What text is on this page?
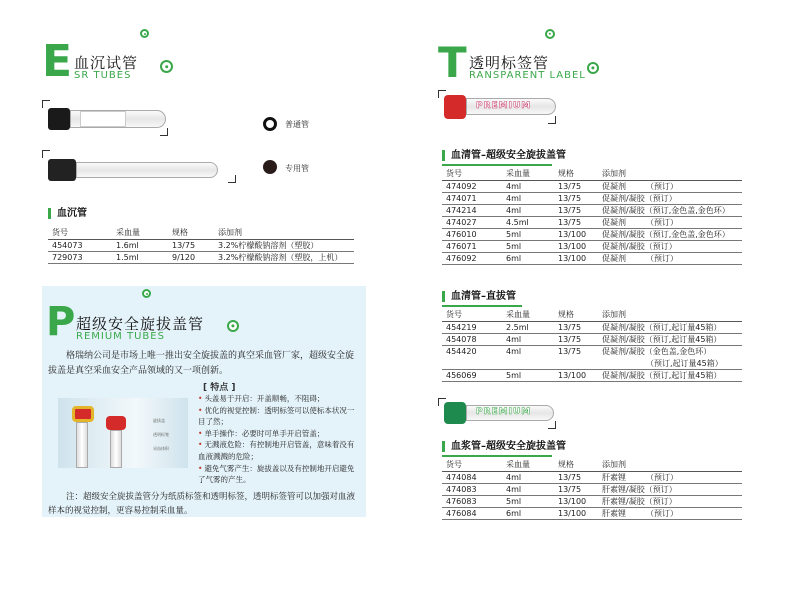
E 血沉试管
SR TUBES
普通管
专用管
血沉管
货号	采血量	规格	添加剂
454073	1.6ml	13/75	3.2%柠檬酸钠溶剂（塑胶）
729073	1.5ml	9/120	3.2%柠檬酸钠溶剂（塑胶，上机）
P 超级安全旋拔盖管
REMIUM TUBES
格瑞纳公司是市场上唯一推出安全旋拔盖的真空采血管厂家，超级安全旋拔盖是真空采血安全产品领域的又一项创新。
旋拔盖
透明标签
采血体积
[ 特点 ]
• 头盖易于开启：开盖顺畅，不阻碍；
• 优化的视觉控制：透明标签可以使标本状况一目了然；
• 单手操作：必要时可单手开启管盖；
• 无溅液危险：有控制地开启管盖，意味着没有血液溅溅的危险；
• 避免气雾产生：旋拔盖以及有控制地开启避免了气雾的产生。
注：超级安全旋拔盖管分为纸质标签和透明标签，透明标签管可以加强对血液样本的视觉控制，更容易控制采血量。
T 透明标签管
RANSPARENT LABEL
PREMIUM
血清管–超级安全旋拔盖管
货号	采血量	规格	添加剂
474092	4ml	13/75	促凝剂　　　（预订）
474071	4ml	13/75	促凝剂/凝胶（预订）
474214	4ml	13/75	促凝剂/凝胶（预订,金色盖,金色环）
474027	4.5ml	13/75	促凝剂　　　（预订）
476010	5ml	13/100	促凝剂/凝胶（预订,金色盖,金色环）
476071	5ml	13/100	促凝剂/凝胶（预订）
476092	6ml	13/100	促凝剂　　　（预订）
血清管–直拔管
货号	采血量	规格	添加剂
454219	2.5ml	13/75	促凝剂/凝胶（预订,起订量45箱）
454078	4ml	13/75	促凝剂/凝胶（预订,起订量45箱）
454420	4ml	13/75	促凝剂/凝胶（金色盖,金色环）
			　　　　　　（预订,起订量45箱）
456069	5ml	13/100	促凝剂/凝胶（预订,起订量45箱）
PREMIUM
血浆管–超级安全旋拔盖管
货号	采血量	规格	添加剂
474084	4ml	13/75	肝素锂　　　（预订）
474083	4ml	13/75	肝素锂/凝胶（预订）
476083	5ml	13/100	肝素锂/凝胶（预订）
476084	6ml	13/100	肝素锂　　　（预订）
